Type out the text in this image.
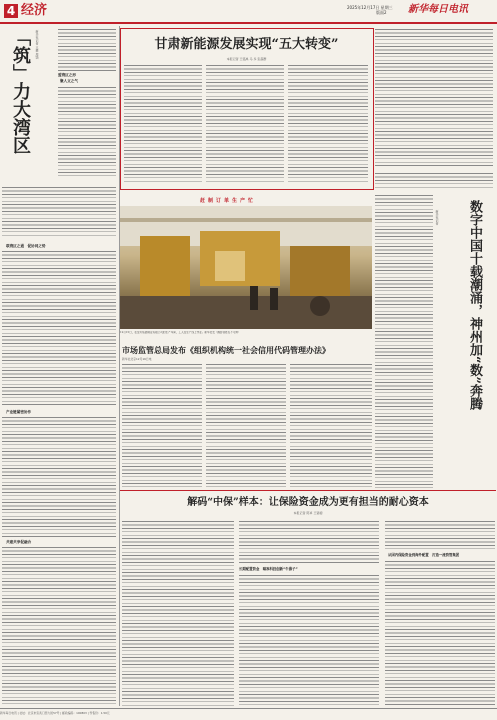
4 经济	2025年12月17日 星期三
版面2 新华每日电讯
「筑」力大湾区	新华社记者 王攀 周颖
盟湾区之形
聚人文之气
联湾区之通　促协同之势
产业链紧密协作
共建共享促融合
甘肃新能源发展实现“五大转变”
本报记者 王铭禹 马 多 张超群
赶制订单生产忙
12月15日，在金川集团铜业有限公司的生产车间，工人在生产线上作业。新华社发（摄影者姓名不可辨）
新华社记者	数字中国十载潮涌，神州加“数”奔腾
市场监管总局发布《组织机构统一社会信用代码管理办法》
新华社北京12月16日电
解码“中保”样本：让保险资金成为更有担当的耐心资本
本报记者 陈卓 王镜榕
长期配置资金　瞄准科技创新“牛鼻子”
从国内保险资金到海外配置　打造一流资管集团
新华每日电讯 | 社址：北京市宣武门西大街57号 | 邮政编码：100803 | 零售价：1.50元
